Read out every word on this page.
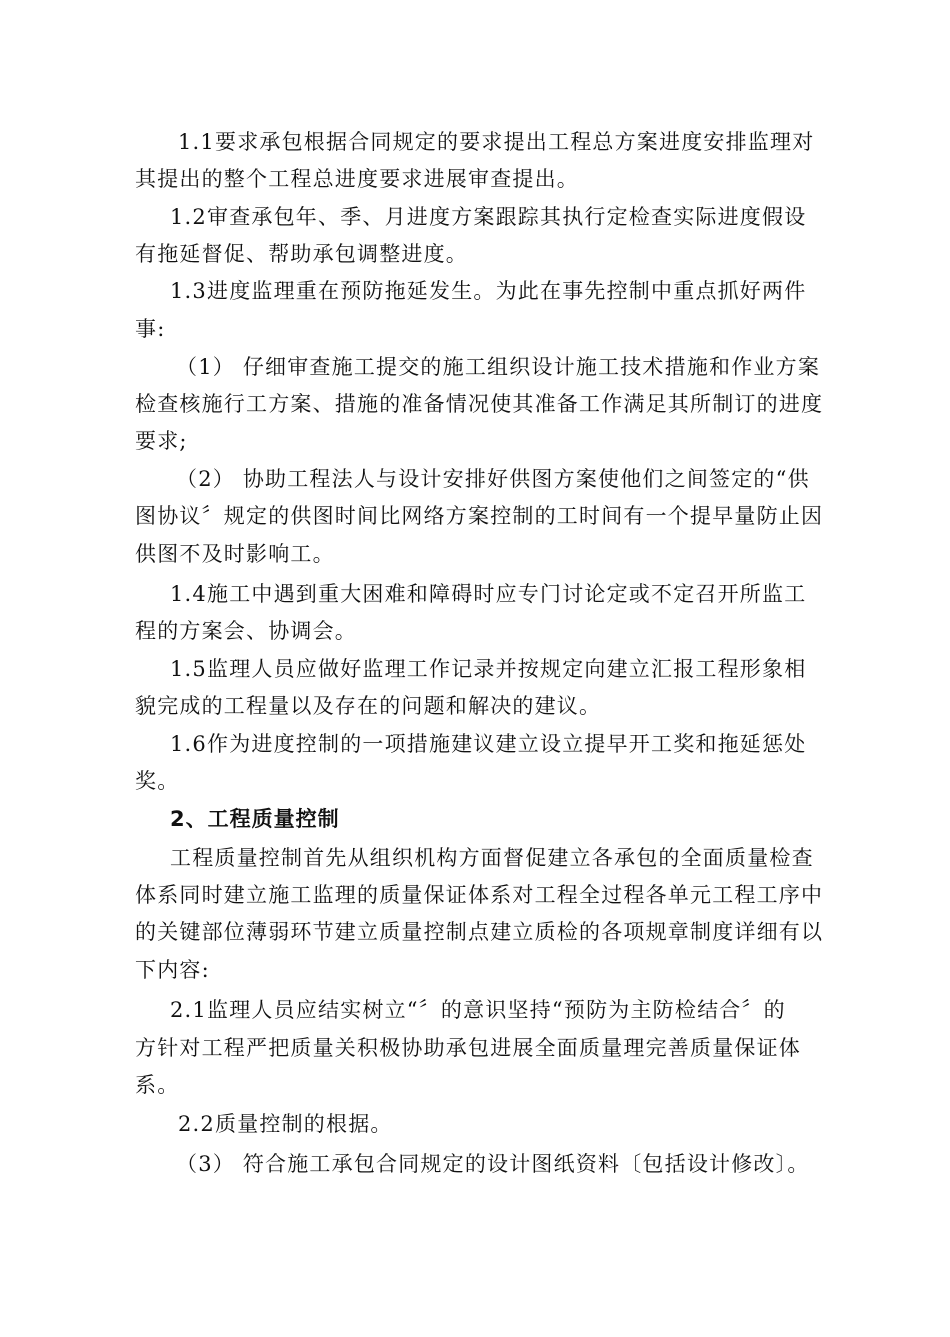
1.1要求承包根据合同规定的要求提出工程总方案进度安排监理对
其提出的整个工程总进度要求进展审查提出。
1.2审查承包年、季、月进度方案跟踪其执行定检查实际进度假设
有拖延督促、帮助承包调整进度。
1.3进度监理重在预防拖延发生。为此在事先控制中重点抓好两件
事:
（1） 仔细审查施工提交的施工组织设计施工技术措施和作业方案
检查核施行工方案、措施的准备情况使其准备工作满足其所制订的进度
要求;
（2） 协助工程法人与设计安排好供图方案使他们之间签定的“供
图协议〞规定的供图时间比网络方案控制的工时间有一个提早量防止因
供图不及时影响工。
1.4施工中遇到重大困难和障碍时应专门讨论定或不定召开所监工
程的方案会、协调会。
1.5监理人员应做好监理工作记录并按规定向建立汇报工程形象相
貌完成的工程量以及存在的问题和解决的建议。
1.6作为进度控制的一项措施建议建立设立提早开工奖和拖延惩处
奖。
2、工程质量控制
工程质量控制首先从组织机构方面督促建立各承包的全面质量检查
体系同时建立施工监理的质量保证体系对工程全过程各单元工程工序中
的关键部位薄弱环节建立质量控制点建立质检的各项规章制度详细有以
下内容:
2.1监理人员应结实树立“〞的意识坚持“预防为主防检结合〞的
方针对工程严把质量关积极协助承包进展全面质量理完善质量保证体
系。
2.2质量控制的根据。
（3） 符合施工承包合同规定的设计图纸资料〔包括设计修改〕。
